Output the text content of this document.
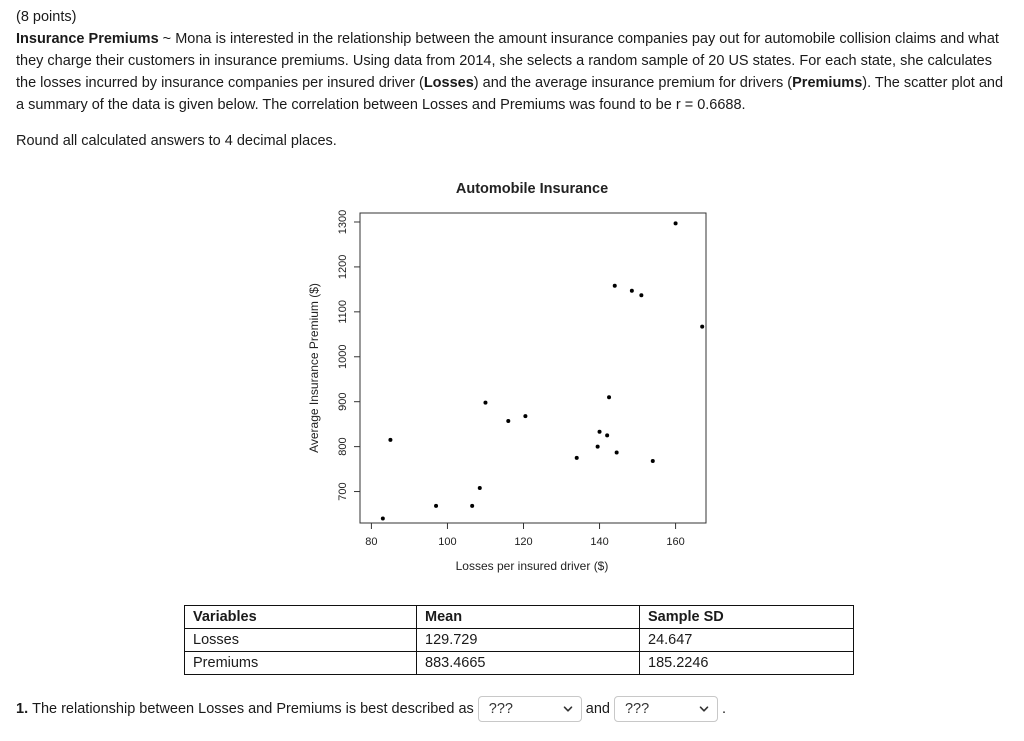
(8 points)

Insurance Premiums ~ Mona is interested in the relationship between the amount insurance companies pay out for automobile collision claims and what they charge their customers in insurance premiums. Using data from 2014, she selects a random sample of 20 US states. For each state, she calculates the losses incurred by insurance companies per insured driver (Losses) and the average insurance premium for drivers (Premiums). The scatter plot and a summary of the data is given below. The correlation between Losses and Premiums was found to be r = 0.6688.

Round all calculated answers to 4 decimal places.
Automobile Insurance
80	100	120	140	160
700
800
900
1000
1100
1200
1300
Losses per insured driver ($)
Average Insurance Premium ($)
Variables	Mean	Sample SD
Losses	129.729	24.647
Premiums	883.4665	185.2246
1. The relationship between Losses and Premiums is best described as ???	and ???	.
